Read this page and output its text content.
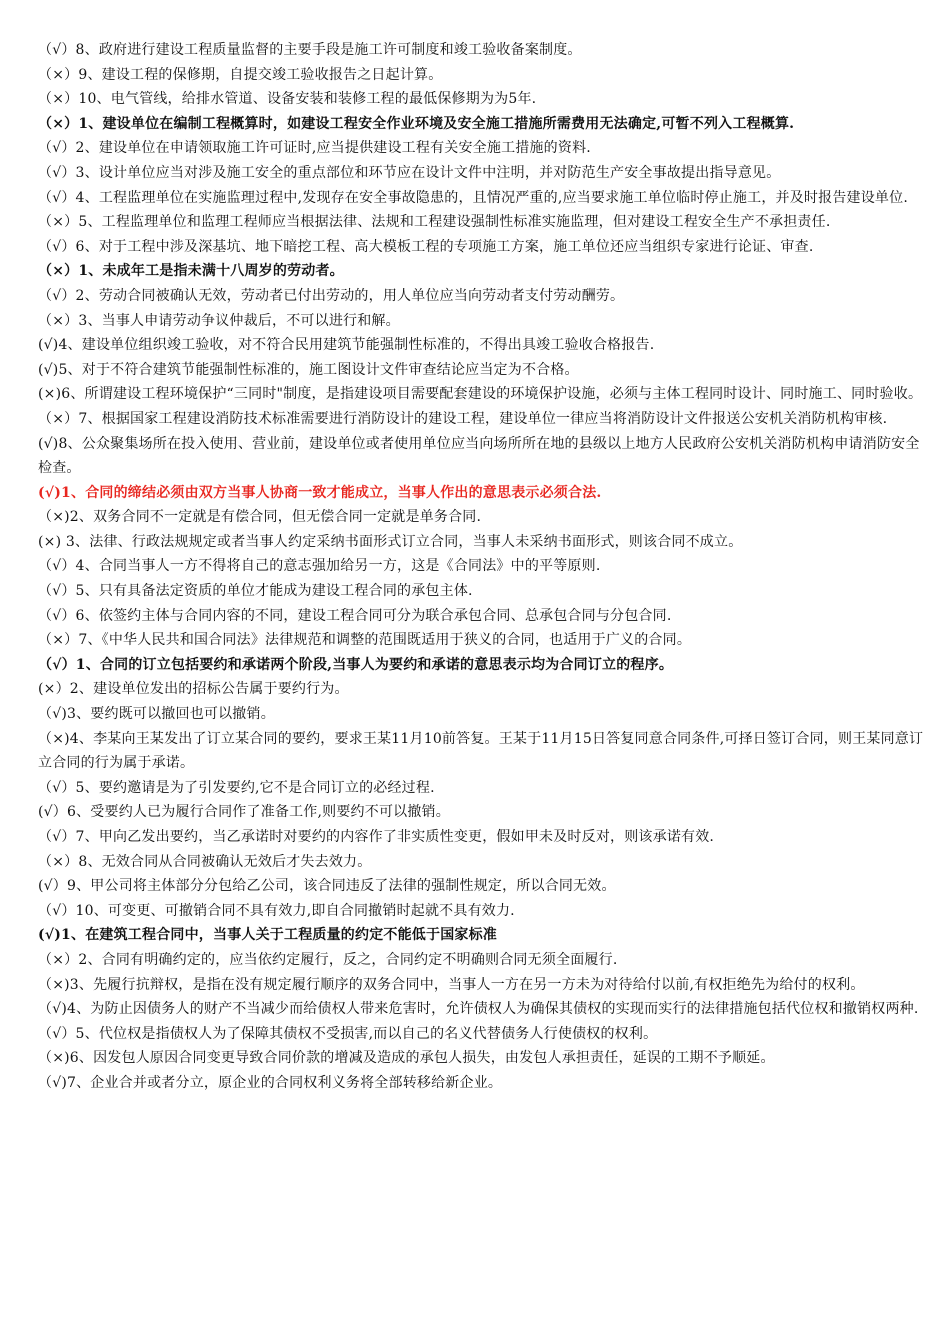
（√）8、政府进行建设工程质量监督的主要手段是施工许可制度和竣工验收备案制度。
（×）9、建设工程的保修期，自提交竣工验收报告之日起计算。
（×）10、电气管线，给排水管道、设备安装和装修工程的最低保修期为为5年.
（×）1、建设单位在编制工程概算时，如建设工程安全作业环境及安全施工措施所需费用无法确定,可暂不列入工程概算.
（√）2、建设单位在申请领取施工许可证时,应当提供建设工程有关安全施工措施的资料.
（√）3、设计单位应当对涉及施工安全的重点部位和环节应在设计文件中注明，并对防范生产安全事故提出指导意见。
（√）4、工程监理单位在实施监理过程中,发现存在安全事故隐患的，且情况严重的,应当要求施工单位临时停止施工，并及时报告建设单位.
（×）5、工程监理单位和监理工程师应当根据法律、法规和工程建设强制性标准实施监理，但对建设工程安全生产不承担责任.
（√）6、对于工程中涉及深基坑、地下暗挖工程、高大模板工程的专项施工方案，施工单位还应当组织专家进行论证、审查.
（×）1、未成年工是指未满十八周岁的劳动者。
（√）2、劳动合同被确认无效，劳动者已付出劳动的，用人单位应当向劳动者支付劳动酬劳。
（×）3、当事人申请劳动争议仲裁后，不可以进行和解。
(√)4、建设单位组织竣工验收，对不符合民用建筑节能强制性标准的，不得出具竣工验收合格报告.
(√)5、对于不符合建筑节能强制性标准的，施工图设计文件审查结论应当定为不合格。
(×)6、所谓建设工程环境保护“三同时"制度，是指建设项目需要配套建设的环境保护设施，必须与主体工程同时设计、同时施工、同时验收。
（×）7、根据国家工程建设消防技术标准需要进行消防设计的建设工程，建设单位一律应当将消防设计文件报送公安机关消防机构审核.
(√)8、公众聚集场所在投入使用、营业前，建设单位或者使用单位应当向场所所在地的县级以上地方人民政府公安机关消防机构申请消防安全检查。
(√)1、合同的缔结必须由双方当事人协商一致才能成立，当事人作出的意思表示必须合法.
（×)2、双务合同不一定就是有偿合同，但无偿合同一定就是单务合同.
(×) 3、法律、行政法规规定或者当事人约定采纳书面形式订立合同，当事人未采纳书面形式，则该合同不成立。
（√）4、合同当事人一方不得将自己的意志强加给另一方，这是《合同法》中的平等原则.
（√）5、只有具备法定资质的单位才能成为建设工程合同的承包主体.
（√）6、依签约主体与合同内容的不同，建设工程合同可分为联合承包合同、总承包合同与分包合同.
（×）7、《中华人民共和国合同法》法律规范和调整的范围既适用于狭义的合同，也适用于广义的合同。
（√）1、合同的订立包括要约和承诺两个阶段,当事人为要约和承诺的意思表示均为合同订立的程序。
(×）2、建设单位发出的招标公告属于要约行为。
（√)3、要约既可以撤回也可以撤销。
（×)4、李某向王某发出了订立某合同的要约，要求王某11月10前答复。王某于11月15日答复同意合同条件,可择日签订合同，则王某同意订立合同的行为属于承诺。
（√）5、要约邀请是为了引发要约,它不是合同订立的必经过程.
(√）6、受要约人已为履行合同作了准备工作,则要约不可以撤销。
（√）7、甲向乙发出要约，当乙承诺时对要约的内容作了非实质性变更，假如甲未及时反对，则该承诺有效.
（×）8、无效合同从合同被确认无效后才失去效力。
(√）9、甲公司将主体部分分包给乙公司，该合同违反了法律的强制性规定，所以合同无效。
（√）10、可变更、可撤销合同不具有效力,即自合同撤销时起就不具有效力.
(√)1、在建筑工程合同中，当事人关于工程质量的约定不能低于国家标准
（×）2、合同有明确约定的，应当依约定履行，反之，合同约定不明确则合同无须全面履行.
（×)3、先履行抗辩权，是指在没有规定履行顺序的双务合同中，当事人一方在另一方未为对待给付以前,有权拒绝先为给付的权利。
（√)4、为防止因债务人的财产不当减少而给债权人带来危害时，允许债权人为确保其债权的实现而实行的法律措施包括代位权和撤销权两种.
（√）5、代位权是指债权人为了保障其债权不受损害,而以自己的名义代替债务人行使债权的权利。
（×)6、因发包人原因合同变更导致合同价款的增减及造成的承包人损失，由发包人承担责任，延误的工期不予顺延。
（√)7、企业合并或者分立，原企业的合同权利义务将全部转移给新企业。
